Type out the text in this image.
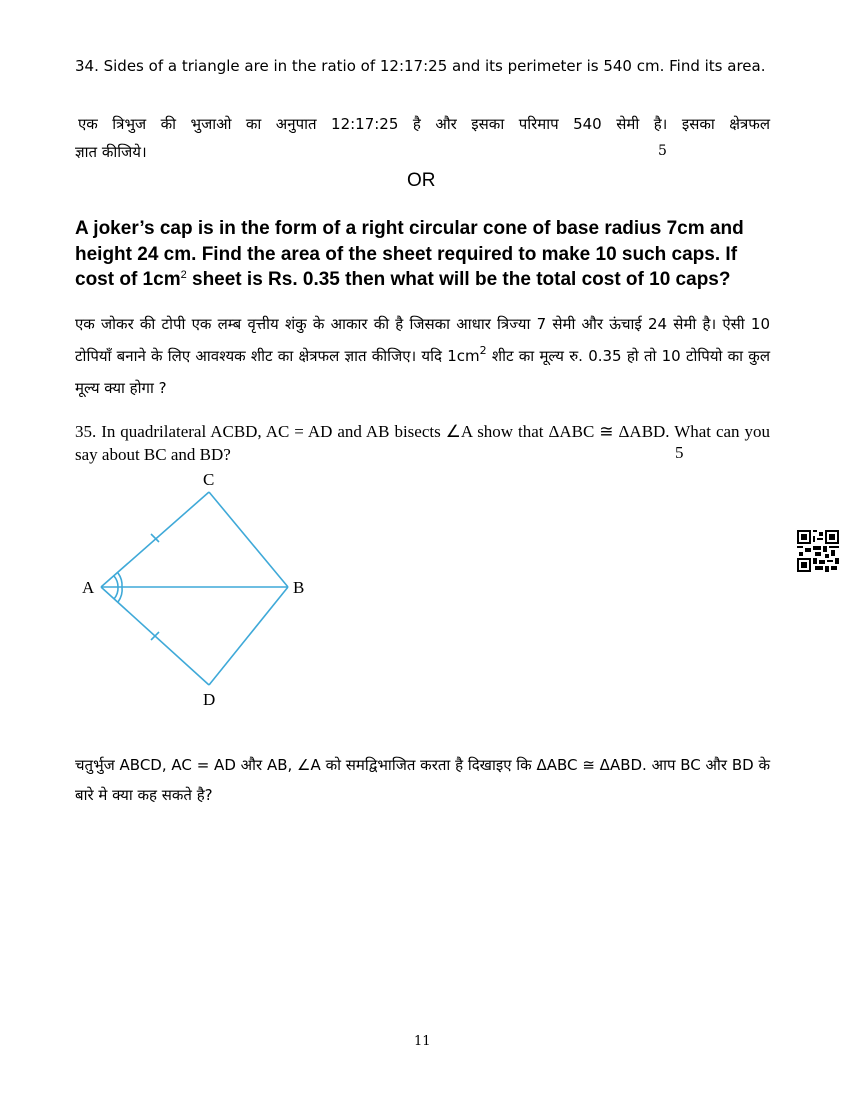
34. Sides of a triangle are in the ratio of 12:17:25 and its perimeter is 540 cm. Find its area.
एक त्रिभुज की भुजाओ का अनुपात 12:17:25 है और इसका परिमाप 540 सेमी है। इसका क्षेत्रफल
ज्ञात कीजिये।	5
OR
A joker’s cap is in the form of a right circular cone of base radius 7cm and height 24 cm. Find the area of the sheet required to make 10 such caps. If cost of $1cm^2$ sheet is Rs. 0.35 then what will be the total cost of 10 caps?
एक जोकर की टोपी एक लम्ब वृत्तीय शंकु के आकार की है जिसका आधार त्रिज्या 7 सेमी और ऊंचाई 24 सेमी है। ऐसी 10 टोपियाँ बनाने के लिए आवश्यक शीट का क्षेत्रफल ज्ञात कीजिए। यदि $1cm^2$ शीट का मूल्य रु. 0.35 हो तो 10 टोपियो का कुल मूल्य क्या होगा ?
35. In quadrilateral ACBD, AC = AD and AB bisects ∠A show that ΔABC ≅ ΔABD. What can you say about BC and BD?	5
C
A	B
D
चतुर्भुज ABCD, AC = AD और AB, ∠A को समद्विभाजित करता है दिखाइए कि ΔABC ≅ ΔABD. आप BC और BD के बारे मे क्या कह सकते है?
11
